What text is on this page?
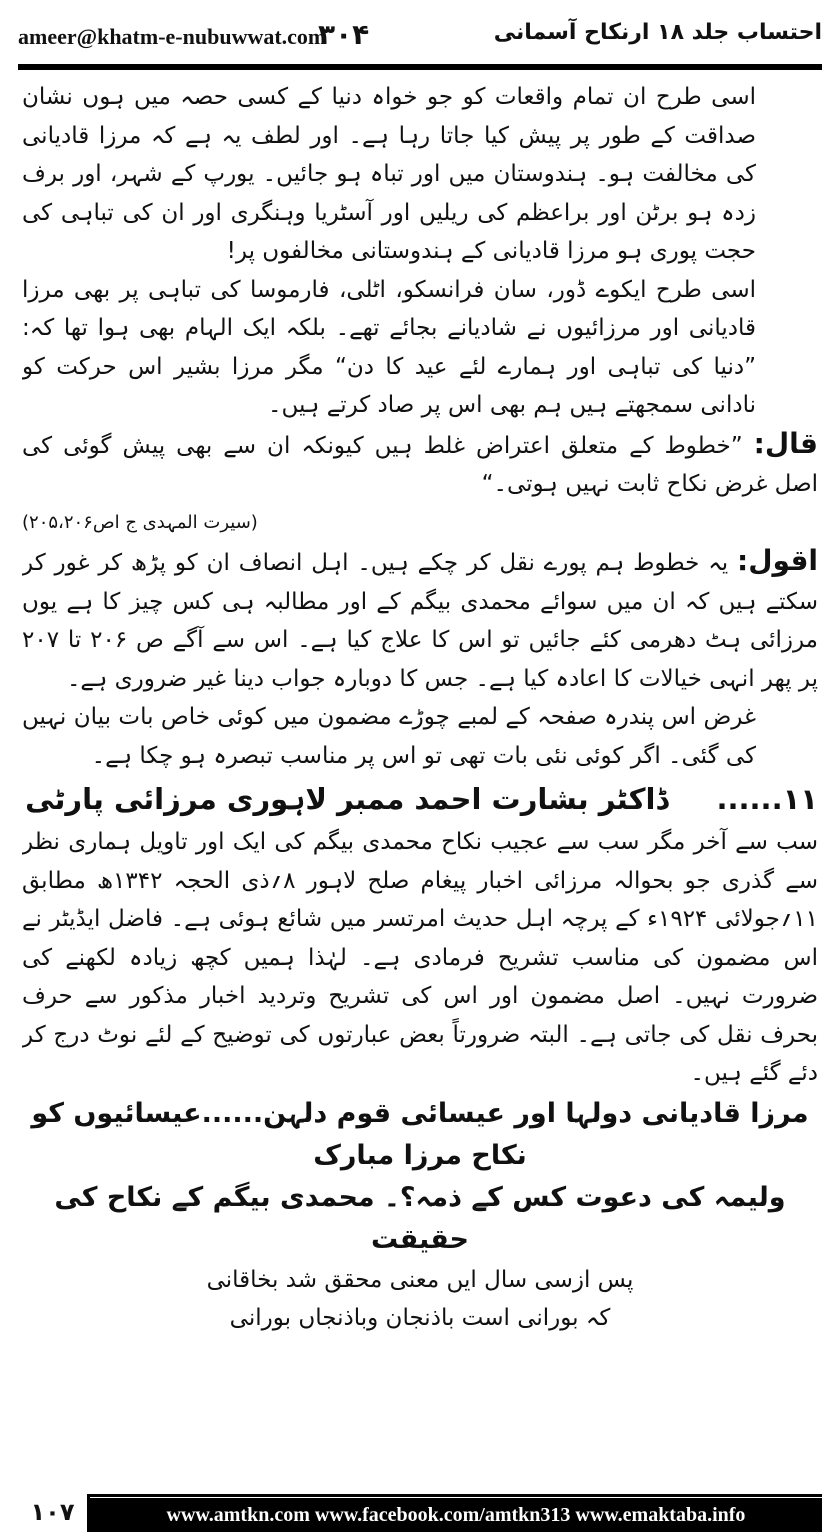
ameer@khatm-e-nubuwwat.com
۳۰۴	احتساب جلد ۱۸ ارنکاح آسمانی

اسی طرح ان تمام واقعات کو جو خواہ دنیا کے کسی حصہ میں ہوں نشان صداقت کے طور پر پیش کیا جاتا رہا ہے۔ اور لطف یہ ہے کہ مرزا قادیانی کی مخالفت ہو۔ ہندوستان میں اور تباہ ہو جائیں۔ یورپ کے شہر، اور برف زدہ ہو برٹن اور براعظم کی ریلیں اور آسٹریا وہنگری اور ان کی تباہی کی حجت پوری ہو مرزا قادیانی کے ہندوستانی مخالفوں پر!

اسی طرح ایکوے ڈور، سان فرانسکو، اٹلی، فارموسا کی تباہی پر بھی مرزا قادیانی اور مرزائیوں نے شادیانے بجائے تھے۔ بلکہ ایک الہام بھی ہوا تھا کہ: ”دنیا کی تباہی اور ہمارے لئے عید کا دن“ مگر مرزا بشیر اس حرکت کو نادانی سمجھتے ہیں ہم بھی اس پر صاد کرتے ہیں۔

قال: ”خطوط کے متعلق اعتراض غلط ہیں کیونکہ ان سے بھی پیش گوئی کی اصل غرض نکاح ثابت نہیں ہوتی۔“

(سیرت المہدی ج اص۲۰۵،۲۰۶)

اقول: یہ خطوط ہم پورے نقل کر چکے ہیں۔ اہل انصاف ان کو پڑھ کر غور کر سکتے ہیں کہ ان میں سوائے محمدی بیگم کے اور مطالبہ ہی کس چیز کا ہے یوں مرزائی ہٹ دھرمی کئے جائیں تو اس کا علاج کیا ہے۔ اس سے آگے ص ۲۰۶ تا ۲۰۷ پر پھر انہی خیالات کا اعادہ کیا ہے۔ جس کا دوبارہ جواب دینا غیر ضروری ہے۔

غرض اس پندرہ صفحہ کے لمبے چوڑے مضمون میں کوئی خاص بات بیان نہیں کی گئی۔ اگر کوئی نئی بات تھی تو اس پر مناسب تبصرہ ہو چکا ہے۔

۱۱...... ڈاکٹر بشارت احمد ممبر لاہوری مرزائی پارٹی

سب سے آخر مگر سب سے عجیب نکاح محمدی بیگم کی ایک اور تاویل ہماری نظر سے گذری جو بحوالہ مرزائی اخبار پیغام صلح لاہور ۸؍ذی الحجہ ۱۳۴۲ھ مطابق ۱۱؍جولائی ۱۹۲۴ء کے پرچہ اہل حدیث امرتسر میں شائع ہوئی ہے۔ فاضل ایڈیٹر نے اس مضمون کی مناسب تشریح فرمادی ہے۔ لہٰذا ہمیں کچھ زیادہ لکھنے کی ضرورت نہیں۔ اصل مضمون اور اس کی تشریح وتردید اخبار مذکور سے حرف بحرف نقل کی جاتی ہے۔ البتہ ضرورتاً بعض عبارتوں کی توضیح کے لئے نوٹ درج کر دئے گئے ہیں۔

مرزا قادیانی دولہا اور عیسائی قوم دلہن......عیسائیوں کو نکاح مرزا مبارک
ولیمہ کی دعوت کس کے ذمہ؟۔ محمدی بیگم کے نکاح کی حقیقت
پس ازسی سال ایں معنی محقق شد بخاقانی
کہ بورانی است باذنجان وباذنجاں بورانی
۱۰۷	www.amtkn.com www.facebook.com/amtkn313 www.emaktaba.info
